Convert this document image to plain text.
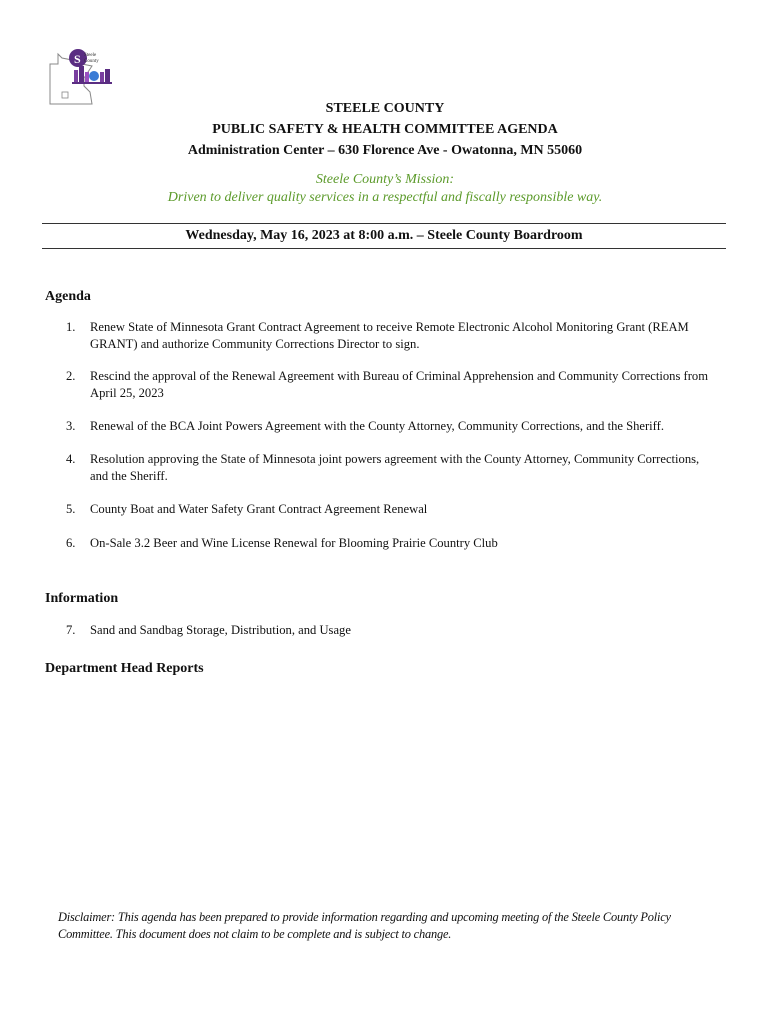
S Steele
County
STEELE COUNTY
PUBLIC SAFETY & HEALTH COMMITTEE AGENDA
Administration Center – 630 Florence Ave - Owatonna, MN 55060
Steele County’s Mission:
Driven to deliver quality services in a respectful and fiscally responsible way.
Wednesday, May 16, 2023 at 8:00 a.m. – Steele County Boardroom
Agenda
1.	Renew State of Minnesota Grant Contract Agreement to receive Remote Electronic Alcohol Monitoring Grant (REAM GRANT) and authorize Community Corrections Director to sign.
2.	Rescind the approval of the Renewal Agreement with Bureau of Criminal Apprehension and Community Corrections from April 25, 2023
3.	Renewal of the BCA Joint Powers Agreement with the County Attorney, Community Corrections, and the Sheriff.
4.	Resolution approving the State of Minnesota joint powers agreement with the County Attorney, Community Corrections, and the Sheriff.
5.	County Boat and Water Safety Grant Contract Agreement Renewal
6.	On-Sale 3.2 Beer and Wine License Renewal for Blooming Prairie Country Club
Information
7.	Sand and Sandbag Storage, Distribution, and Usage
Department Head Reports
Disclaimer: This agenda has been prepared to provide information regarding and upcoming meeting of the Steele County Policy Committee. This document does not claim to be complete and is subject to change.
